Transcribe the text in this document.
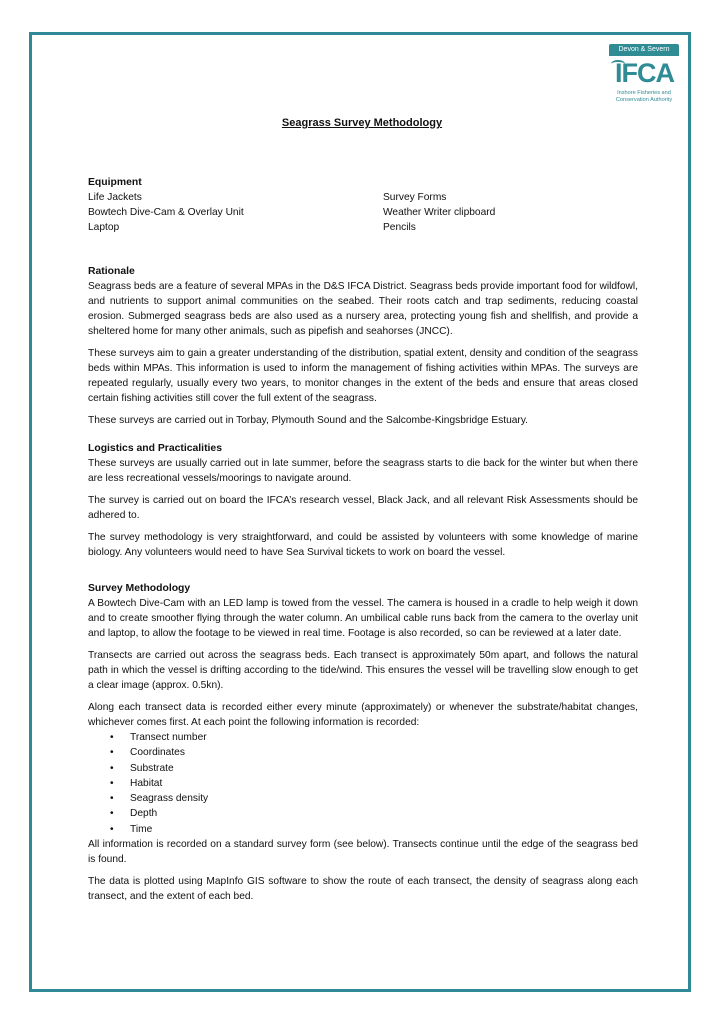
Devon & Severn
IFCA
Inshore Fisheries and
Conservation Authority
Seagrass Survey Methodology
Equipment
Life Jackets
Bowtech Dive-Cam & Overlay Unit
Laptop
Survey Forms
Weather Writer clipboard
Pencils
Rationale

Seagrass beds are a feature of several MPAs in the D&S IFCA District. Seagrass beds provide important food for wildfowl, and nutrients to support animal communities on the seabed. Their roots catch and trap sediments, reducing coastal erosion. Submerged seagrass beds are also used as a nursery area, protecting young fish and shellfish, and provide a sheltered home for many other animals, such as pipefish and seahorses (JNCC).

These surveys aim to gain a greater understanding of the distribution, spatial extent, density and condition of the seagrass beds within MPAs. This information is used to inform the management of fishing activities within MPAs. The surveys are repeated regularly, usually every two years, to monitor changes in the extent of the beds and ensure that areas closed certain fishing activities still cover the full extent of the seagrass.

These surveys are carried out in Torbay, Plymouth Sound and the Salcombe-Kingsbridge Estuary.

Logistics and Practicalities

These surveys are usually carried out in late summer, before the seagrass starts to die back for the winter but when there are less recreational vessels/moorings to navigate around.

The survey is carried out on board the IFCA’s research vessel, Black Jack, and all relevant Risk Assessments should be adhered to.

The survey methodology is very straightforward, and could be assisted by volunteers with some knowledge of marine biology. Any volunteers would need to have Sea Survival tickets to work on board the vessel.

Survey Methodology

A Bowtech Dive-Cam with an LED lamp is towed from the vessel. The camera is housed in a cradle to help weigh it down and to create smoother flying through the water column. An umbilical cable runs back from the camera to the overlay unit and laptop, to allow the footage to be viewed in real time. Footage is also recorded, so can be reviewed at a later date.

Transects are carried out across the seagrass beds. Each transect is approximately 50m apart, and follows the natural path in which the vessel is drifting according to the tide/wind. This ensures the vessel will be travelling slow enough to get a clear image (approx. 0.5kn).

Along each transect data is recorded either every minute (approximately) or whenever the substrate/habitat changes, whichever comes first. At each point the following information is recorded:

• Transect number
• Coordinates
• Substrate
• Habitat
• Seagrass density
• Depth
• Time

All information is recorded on a standard survey form (see below). Transects continue until the edge of the seagrass bed is found.

The data is plotted using MapInfo GIS software to show the route of each transect, the density of seagrass along each transect, and the extent of each bed.
